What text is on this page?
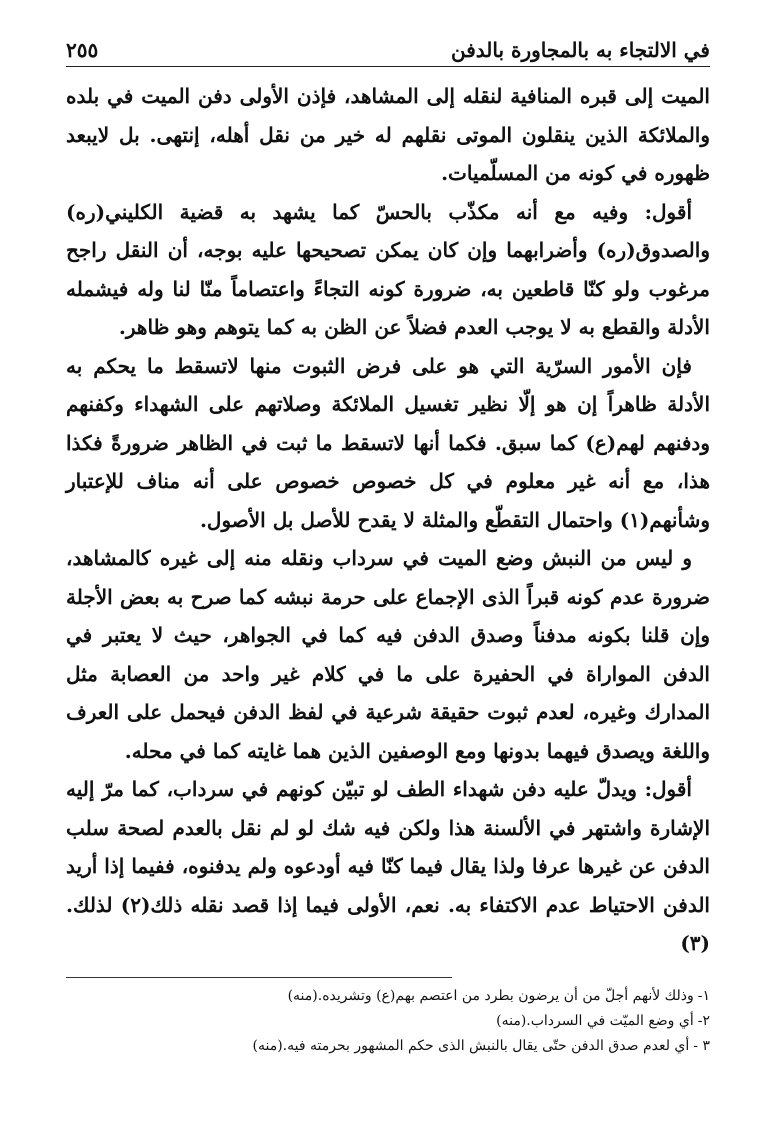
في الالتجاء به بالمجاورة بالدفن
٢٥٥

الميت إلى قبره المنافية لنقله إلى المشاهد، فإذن الأولى دفن الميت في بلده والملائكة الذين ينقلون الموتى نقلهم له خير من نقل أهله، إنتهى. بل لايبعد ظهوره في كونه من المسلّميات.

أقول: وفيه مع أنه مكذّب بالحسّ كما يشهد به قضية الكليني(ره) والصدوق(ره) وأضرابهما وإن كان يمكن تصحيحها عليه بوجه، أن النقل راجح مرغوب ولو كنّا قاطعين به، ضرورة كونه التجاءً واعتصاماً منّا لنا وله فيشمله الأدلة والقطع به لا يوجب العدم فضلاً عن الظن به كما يتوهم وهو ظاهر.

فإن الأمور السرّية التي هو على فرض الثبوت منها لاتسقط ما يحكم به الأدلة ظاهراً إن هو إلّا نظير تغسيل الملائكة وصلاتهم على الشهداء وكفنهم ودفنهم لهم(ع) كما سبق. فكما أنها لاتسقط ما ثبت في الظاهر ضرورةً فكذا هذا، مع أنه غير معلوم في كل خصوص خصوص على أنه مناف للإعتبار وشأنهم(١) واحتمال التقطّع والمثلة لا يقدح للأصل بل الأصول.

و ليس من النبش وضع الميت في سرداب ونقله منه إلى غيره كالمشاهد، ضرورة عدم كونه قبراً الذى الإجماع على حرمة نبشه كما صرح به بعض الأجلة وإن قلنا بكونه مدفناً وصدق الدفن فيه كما في الجواهر، حيث لا يعتبر في الدفن المواراة في الحفيرة على ما في كلام غير واحد من العصابة مثل المدارك وغيره، لعدم ثبوت حقيقة شرعية في لفظ الدفن فيحمل على العرف واللغة ويصدق فيهما بدونها ومع الوصفين الذين هما غايته كما في محله.

أقول: ويدلّ عليه دفن شهداء الطف لو تبيّن كونهم في سرداب، كما مرّ إليه الإشارة واشتهر في الألسنة هذا ولكن فيه شك لو لم نقل بالعدم لصحة سلب الدفن عن غيرها عرفا ولذا يقال فيما كنّا فيه أودعوه ولم يدفنوه، ففيما إذا أريد الدفن الاحتياط عدم الاكتفاء به. نعم، الأولى فيما إذا قصد نقله ذلك(٢) لذلك.(٣)

١-وذلك لأنهم أجلّ من أن يرضون بطرد من اعتصم بهم(ع) وتشريده.(منه)

٢-أي وضع الميّت في السرداب.(منه)

٣ -أي لعدم صدق الدفن حتّى يقال بالنبش الذى حكم المشهور بحرمته فيه.(منه)
